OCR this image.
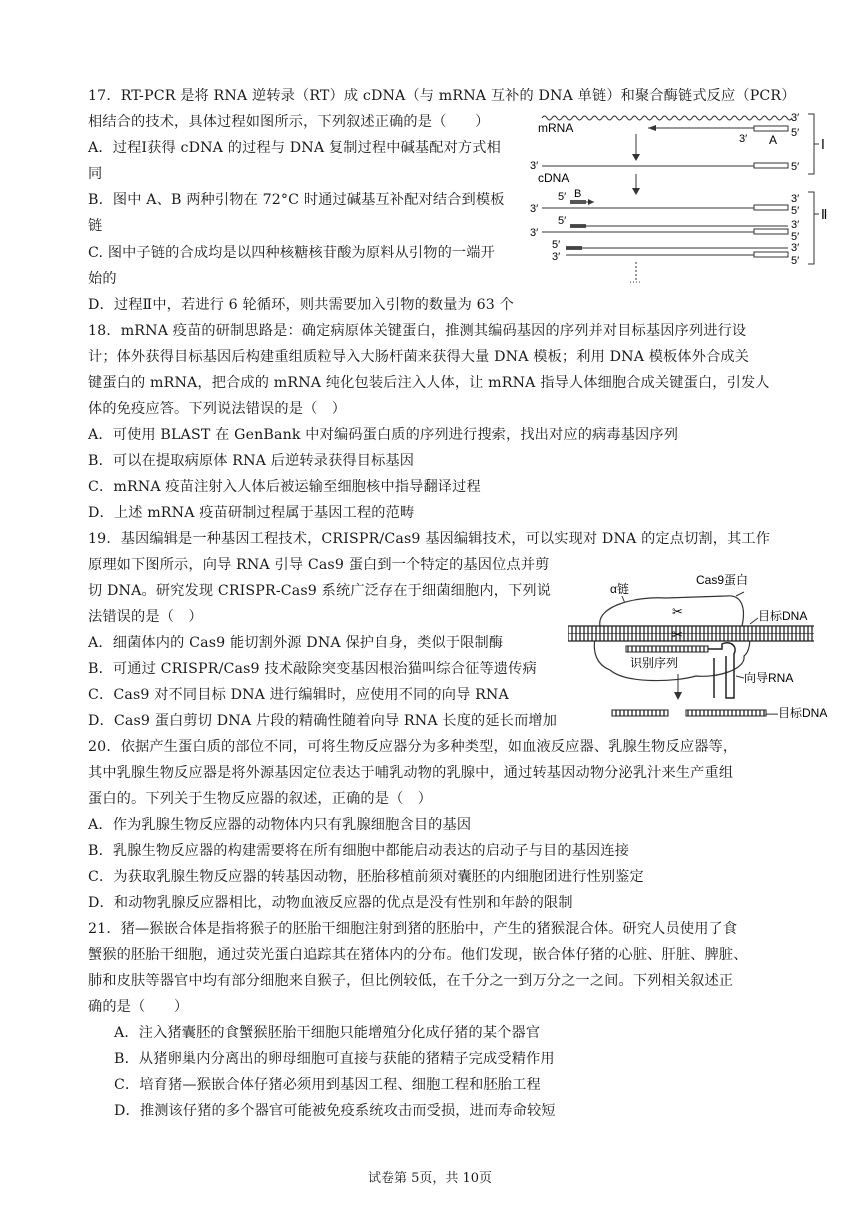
17．RT-PCR 是将 RNA 逆转录（RT）成 cDNA（与 mRNA 互补的 DNA 单链）和聚合酶链式反应（PCR）
相结合的技术，具体过程如图所示，下列叙述正确的是（　　）
A．过程Ⅰ获得 cDNA 的过程与 DNA 复制过程中碱基配对方式相
同
B．图中 A、B 两种引物在 72°C 时通过碱基互补配对结合到模板
链
C. 图中子链的合成均是以四种核糖核苷酸为原料从引物的一端开
始的
D．过程Ⅱ中，若进行 6 轮循环，则共需要加入引物的数量为 63 个
mRNA
3′
5′
3′ A
3′	5′
cDNA
Ⅰ
5′ B	3′
3′	5′
5′	3′
3′	5′
5′	3′
3′	5′
Ⅱ
18．mRNA 疫苗的研制思路是：确定病原体关键蛋白，推测其编码基因的序列并对目标基因序列进行设
计；体外获得目标基因后构建重组质粒导入大肠杆菌来获得大量 DNA 模板；利用 DNA 模板体外合成关
键蛋白的 mRNA，把合成的 mRNA 纯化包装后注入人体，让 mRNA 指导人体细胞合成关键蛋白，引发人
体的免疫应答。下列说法错误的是（　）
A．可使用 BLAST 在 GenBank 中对编码蛋白质的序列进行搜索，找出对应的病毒基因序列
B．可以在提取病原体 RNA 后逆转录获得目标基因
C．mRNA 疫苗注射入人体后被运输至细胞核中指导翻译过程
D．上述 mRNA 疫苗研制过程属于基因工程的范畴
19．基因编辑是一种基因工程技术，CRISPR/Cas9 基因编辑技术，可以实现对 DNA 的定点切割，其工作
原理如下图所示，向导 RNA 引导 Cas9 蛋白到一个特定的基因位点并剪
切 DNA。研究发现 CRISPR-Cas9 系统广泛存在于细菌细胞内，下列说
法错误的是（　）
A．细菌体内的 Cas9 能切割外源 DNA 保护自身，类似于限制酶
B．可通过 CRISPR/Cas9 技术敲除突变基因根治猫叫综合征等遗传病
C．Cas9 对不同目标 DNA 进行编辑时，应使用不同的向导 RNA
D．Cas9 蛋白剪切 DNA 片段的精确性随着向导 RNA 长度的延长而增加
Cas9蛋白
α链
目标DNA
✂
✂
识别序列
向导RNA
—目标DNA
20．依据产生蛋白质的部位不同，可将生物反应器分为多种类型，如血液反应器、乳腺生物反应器等，
其中乳腺生物反应器是将外源基因定位表达于哺乳动物的乳腺中，通过转基因动物分泌乳汁来生产重组
蛋白的。下列关于生物反应器的叙述，正确的是（　）
A．作为乳腺生物反应器的动物体内只有乳腺细胞含目的基因
B．乳腺生物反应器的构建需要将在所有细胞中都能启动表达的启动子与目的基因连接
C．为获取乳腺生物反应器的转基因动物，胚胎移植前须对囊胚的内细胞团进行性别鉴定
D．和动物乳腺反应器相比，动物血液反应器的优点是没有性别和年龄的限制
21．猪—猴嵌合体是指将猴子的胚胎干细胞注射到猪的胚胎中，产生的猪猴混合体。研究人员使用了食
蟹猴的胚胎干细胞，通过荧光蛋白追踪其在猪体内的分布。他们发现，嵌合体仔猪的心脏、肝脏、脾脏、
肺和皮肤等器官中均有部分细胞来自猴子，但比例较低，在千分之一到万分之一之间。下列相关叙述正
确的是（　　）
A．注入猪囊胚的食蟹猴胚胎干细胞只能增殖分化成仔猪的某个器官
B．从猪卵巢内分离出的卵母细胞可直接与获能的猪精子完成受精作用
C．培育猪—猴嵌合体仔猪必须用到基因工程、细胞工程和胚胎工程
D．推测该仔猪的多个器官可能被免疫系统攻击而受损，进而寿命较短
试卷第 5页，共 10页
